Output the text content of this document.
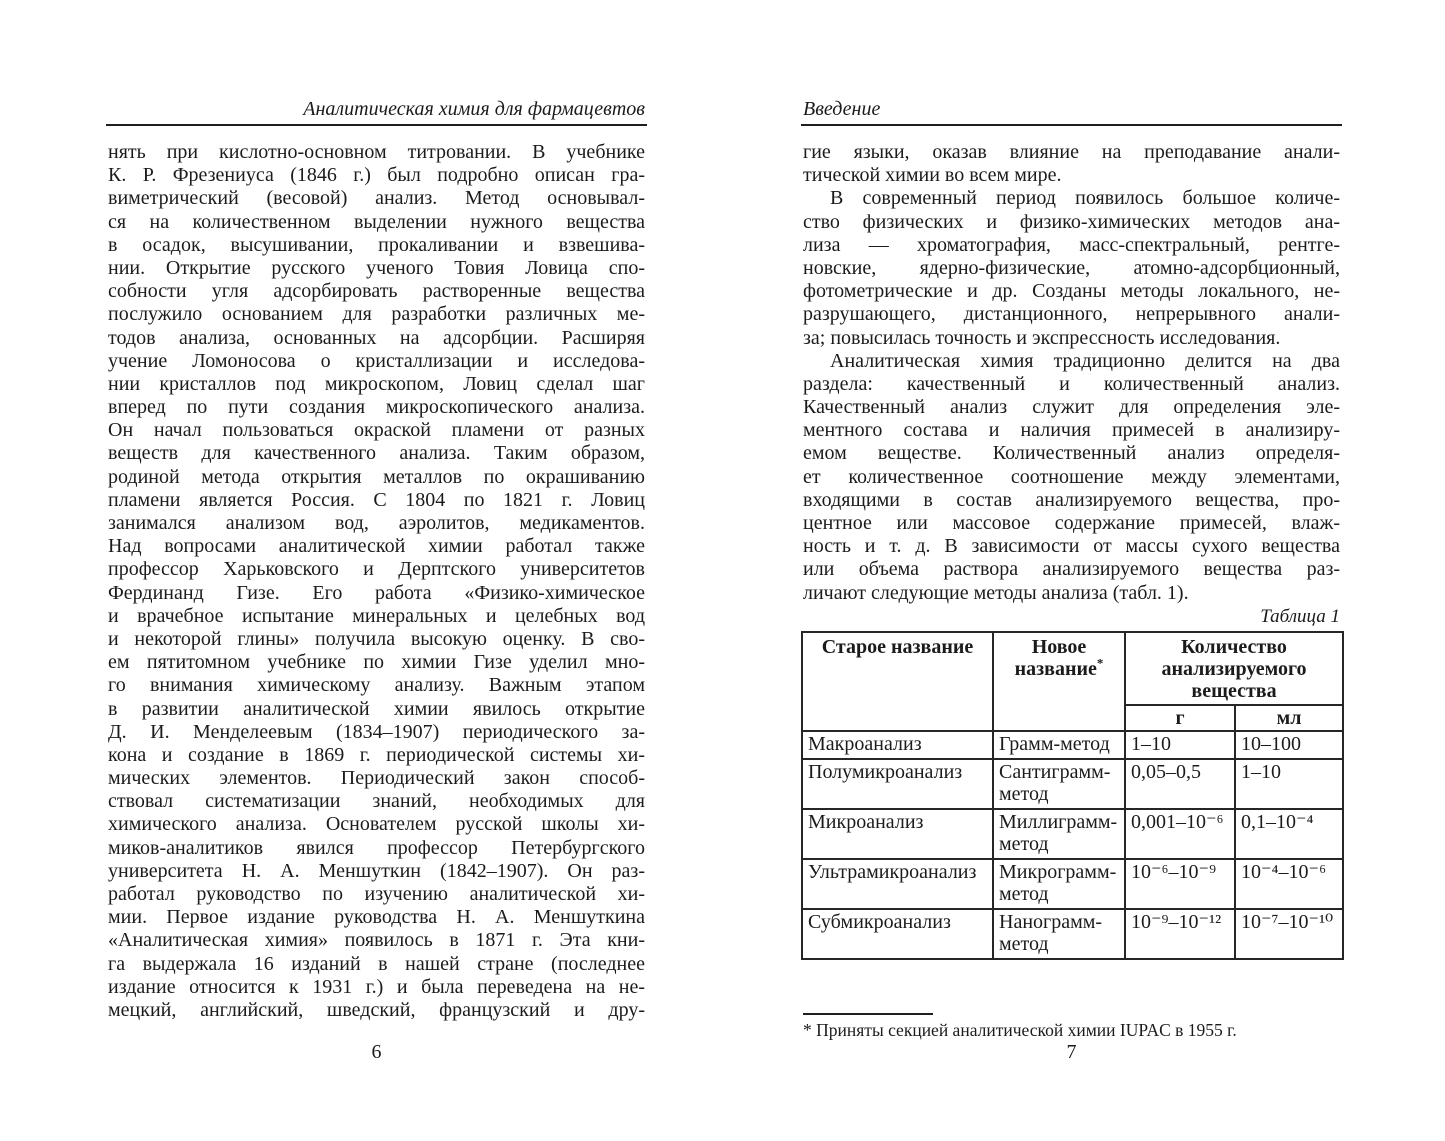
Аналитическая химия для фармацевтов
нять при кислотно-основном титровании. В учебнике
К. Р. Фрезениуса (1846 г.) был подробно описан гра-
виметрический (весовой) анализ. Метод основывал-
ся на количественном выделении нужного вещества
в осадок, высушивании, прокаливании и взвешива-
нии. Открытие русского ученого Товия Ловица спо-
собности угля адсорбировать растворенные вещества
послужило основанием для разработки различных ме-
тодов анализа, основанных на адсорбции. Расширяя
учение Ломоносова о кристаллизации и исследова-
нии кристаллов под микроскопом, Ловиц сделал шаг
вперед по пути создания микроскопического анализа.
Он начал пользоваться окраской пламени от разных
веществ для качественного анализа. Таким образом,
родиной метода открытия металлов по окрашиванию
пламени является Россия. С 1804 по 1821 г. Ловиц
занимался анализом вод, аэролитов, медикаментов.
Над вопросами аналитической химии работал также
профессор Харьковского и Дерптского университетов
Фердинанд Гизе. Его работа «Физико-химическое
и врачебное испытание минеральных и целебных вод
и некоторой глины» получила высокую оценку. В сво-
ем пятитомном учебнике по химии Гизе уделил мно-
го внимания химическому анализу. Важным этапом
в развитии аналитической химии явилось открытие
Д. И. Менделеевым (1834–1907) периодического за-
кона и создание в 1869 г. периодической системы хи-
мических элементов. Периодический закон способ-
ствовал систематизации знаний, необходимых для
химического анализа. Основателем русской школы хи-
миков-аналитиков явился профессор Петербургского
университета Н. А. Меншуткин (1842–1907). Он раз-
работал руководство по изучению аналитической хи-
мии. Первое издание руководства Н. А. Меншуткина
«Аналитическая химия» появилось в 1871 г. Эта кни-
га выдержала 16 изданий в нашей стране (последнее
издание относится к 1931 г.) и была переведена на не-
мецкий, английский, шведский, французский и дру-
6
Введение
гие языки, оказав влияние на преподавание анали-
тической химии во всем мире.
В современный период появилось большое количе-
ство физических и физико-химических методов ана-
лиза — хроматография, масс-спектральный, рентге-
новские, ядерно-физические, атомно-адсорбционный,
фотометрические и др. Созданы методы локального, не-
разрушающего, дистанционного, непрерывного анали-
за; повысилась точность и экспрессность исследования.
Аналитическая химия традиционно делится на два
раздела: качественный и количественный анализ.
Качественный анализ служит для определения эле-
ментного состава и наличия примесей в анализиру-
емом веществе. Количественный анализ определя-
ет количественное соотношение между элементами,
входящими в состав анализируемого вещества, про-
центное или массовое содержание примесей, влаж-
ность и т. д. В зависимости от массы сухого вещества
или объема раствора анализируемого вещества раз-
личают следующие методы анализа (табл. 1).
Таблица 1
Старое название	Новое название*	Количество анализируемого вещества	
		г	мл
Макроанализ	Грамм-метод	1–10	10–100
Полумикроанализ	Сантиграмм-метод	0,05–0,5	1–10
Микроанализ	Миллиграмм-метод	0,001–10⁻⁶	0,1–10⁻⁴
Ультрамикроанализ	Микрограмм-метод	10⁻⁶–10⁻⁹	10⁻⁴–10⁻⁶
Субмикроанализ	Нанограмм-метод	10⁻⁹–10⁻¹²	10⁻⁷–10⁻¹⁰
* Приняты секцией аналитической химии IUPAC в 1955 г.
7
